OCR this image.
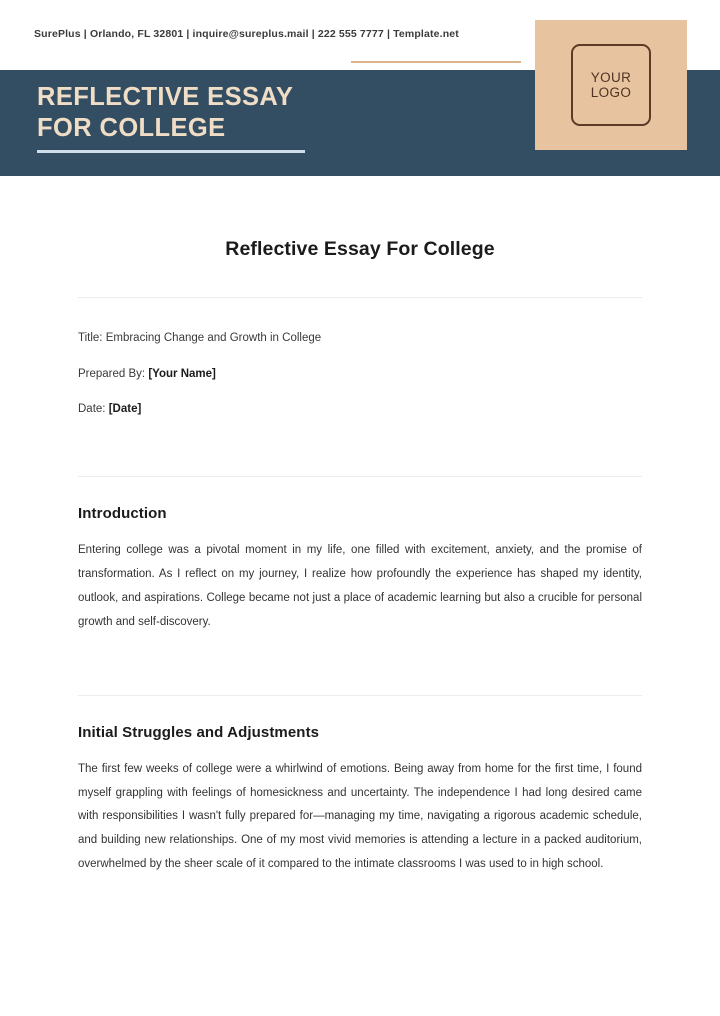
SurePlus | Orlando, FL 32801 | inquire@sureplus.mail | 222 555 7777 | Template.net
REFLECTIVE ESSAY
FOR COLLEGE
YOUR
LOGO
Reflective Essay For College
Title: Embracing Change and Growth in College
Prepared By: [Your Name]
Date: [Date]
Introduction

Entering college was a pivotal moment in my life, one filled with excitement, anxiety, and the promise of transformation. As I reflect on my journey, I realize how profoundly the experience has shaped my identity, outlook, and aspirations. College became not just a place of academic learning but also a crucible for personal growth and self-discovery.

Initial Struggles and Adjustments

The first few weeks of college were a whirlwind of emotions. Being away from home for the first time, I found myself grappling with feelings of homesickness and uncertainty. The independence I had long desired came with responsibilities I wasn't fully prepared for—managing my time, navigating a rigorous academic schedule, and building new relationships. One of my most vivid memories is attending a lecture in a packed auditorium, overwhelmed by the sheer scale of it compared to the intimate classrooms I was used to in high school.
